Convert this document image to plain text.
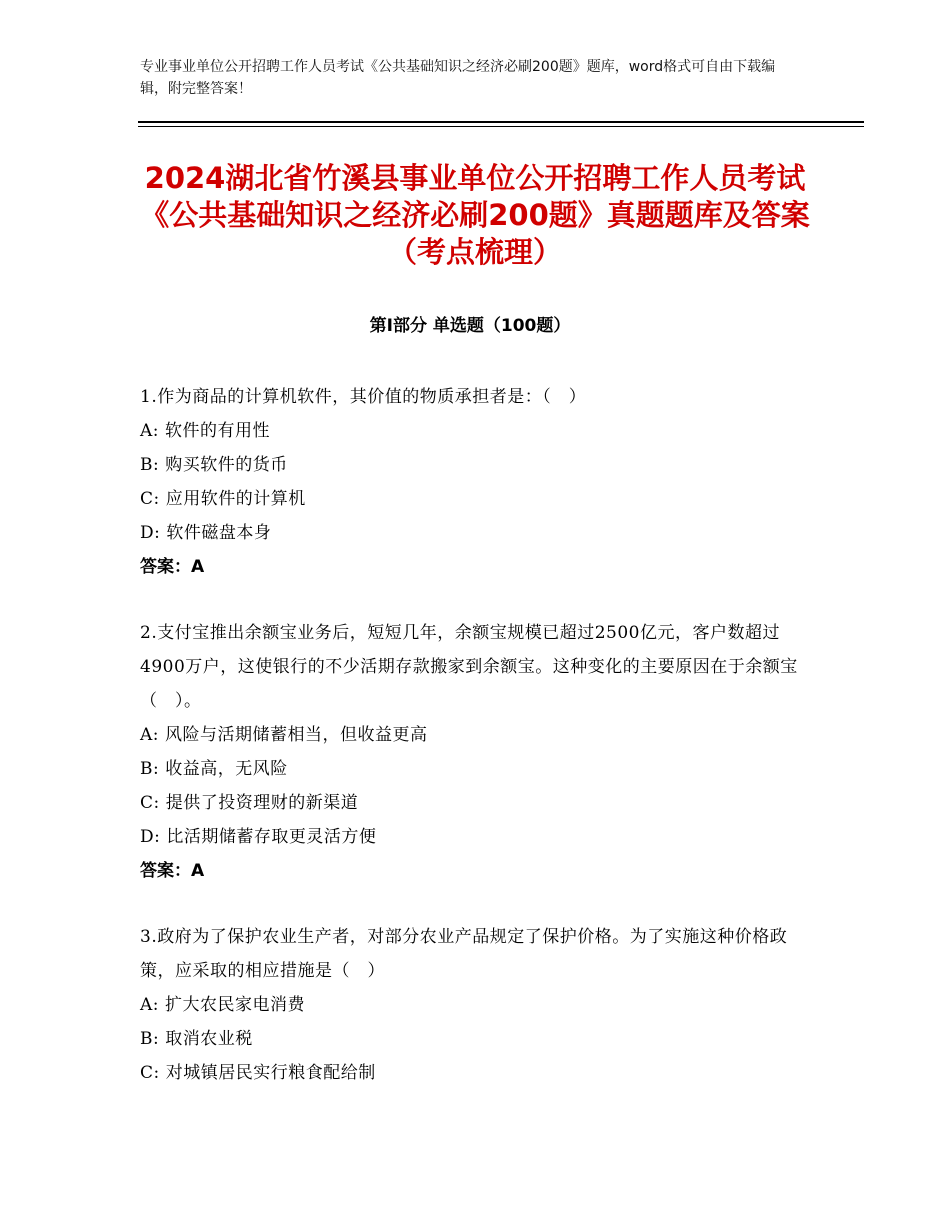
专业事业单位公开招聘工作人员考试《公共基础知识之经济必刷200题》题库，word格式可自由下载编辑，附完整答案！
2024湖北省竹溪县事业单位公开招聘工作人员考试《公共基础知识之经济必刷200题》真题题库及答案（考点梳理）
第Ⅰ部分 单选题（100题）
1.作为商品的计算机软件，其价值的物质承担者是：（　）
A: 软件的有用性
B: 购买软件的货币
C: 应用软件的计算机
D: 软件磁盘本身
答案：A
2.支付宝推出余额宝业务后，短短几年，余额宝规模已超过2500亿元，客户数超过4900万户，这使银行的不少活期存款搬家到余额宝。这种变化的主要原因在于余额宝（　）。
A: 风险与活期储蓄相当，但收益更高
B: 收益高，无风险
C: 提供了投资理财的新渠道
D: 比活期储蓄存取更灵活方便
答案：A
3.政府为了保护农业生产者，对部分农业产品规定了保护价格。为了实施这种价格政策，应采取的相应措施是（　）
A: 扩大农民家电消费
B: 取消农业税
C: 对城镇居民实行粮食配给制
